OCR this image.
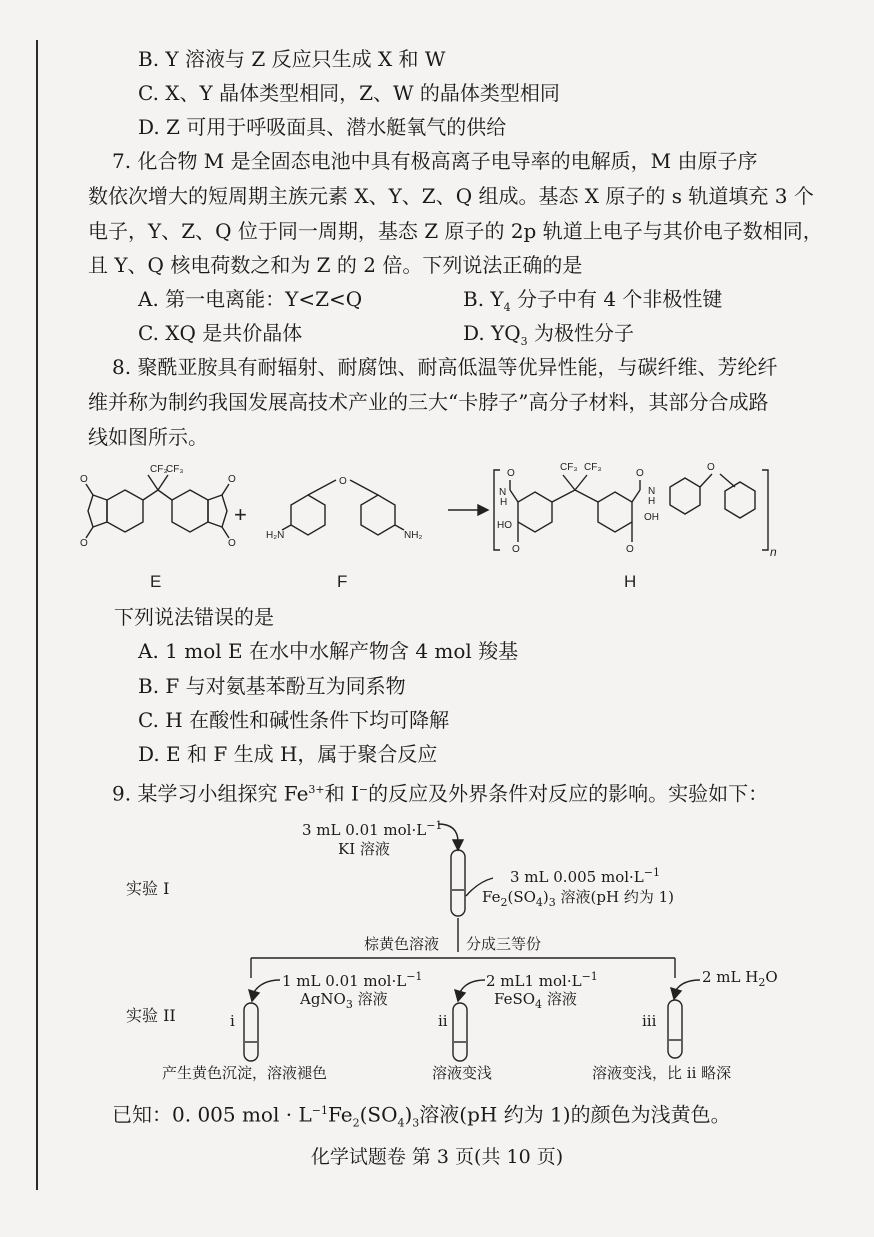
B. Y 溶液与 Z 反应只生成 X 和 W
C. X、Y 晶体类型相同，Z、W 的晶体类型相同
D. Z 可用于呼吸面具、潜水艇氧气的供给
7. 化合物 M 是全固态电池中具有极高离子电导率的电解质，M 由原子序
数依次增大的短周期主族元素 X、Y、Z、Q 组成。基态 X 原子的 s 轨道填充 3 个
电子，Y、Z、Q 位于同一周期，基态 Z 原子的 2p 轨道上电子与其价电子数相同，
且 Y、Q 核电荷数之和为 Z 的 2 倍。下列说法正确的是
A. 第一电离能：Y<Z<Q	B. $Y_4$ 分子中有 4 个非极性键
C. XQ 是共价晶体	D. $YQ_3$ 为极性分子
8. 聚酰亚胺具有耐辐射、耐腐蚀、耐高低温等优异性能，与碳纤维、芳纶纤
维并称为制约我国发展高技术产业的三大“卡脖子”高分子材料，其部分合成路
线如图所示。
CF₃
CF₃
O
O
O
O
O
H₂N	NH₂
CF₃ CF₃
O	O
N
H
N
H
HO
OH
O	O
O
n
+
E	F	H
下列说法错误的是
A. 1 mol E 在水中水解产物含 4 mol 羧基
B. F 与对氨基苯酚互为同系物
C. H 在酸性和碱性条件下均可降解
D. E 和 F 生成 H，属于聚合反应
9. 某学习小组探究 $Fe^{3+}$和 I−的反应及外界条件对反应的影响。实验如下：
3 mL 0.01 $mol\cdot L^{-1}$
KI 溶液
实验 I
3 mL 0.005 $mol\cdot L^{-1}$
$Fe_2(SO_4)_3$ 溶液(pH 约为 1)
棕黄色溶液 分成三等份
1 mL 0.01 $mol\cdot L^{-1}$
AgNO$_3$ 溶液
2 mL1 $mol\cdot L^{-1}$
FeSO$_4$ 溶液
2 mL $H_2O$
实验 II	i	ii	iii
产生黄色沉淀，溶液褪色	溶液变浅	溶液变浅，比 ii 略深
已知：0. 005 mol · $L^{-1}Fe_2(SO_4)_3$溶液(pH 约为 1)的颜色为浅黄色。
化学试题卷 第 3 页(共 10 页)
